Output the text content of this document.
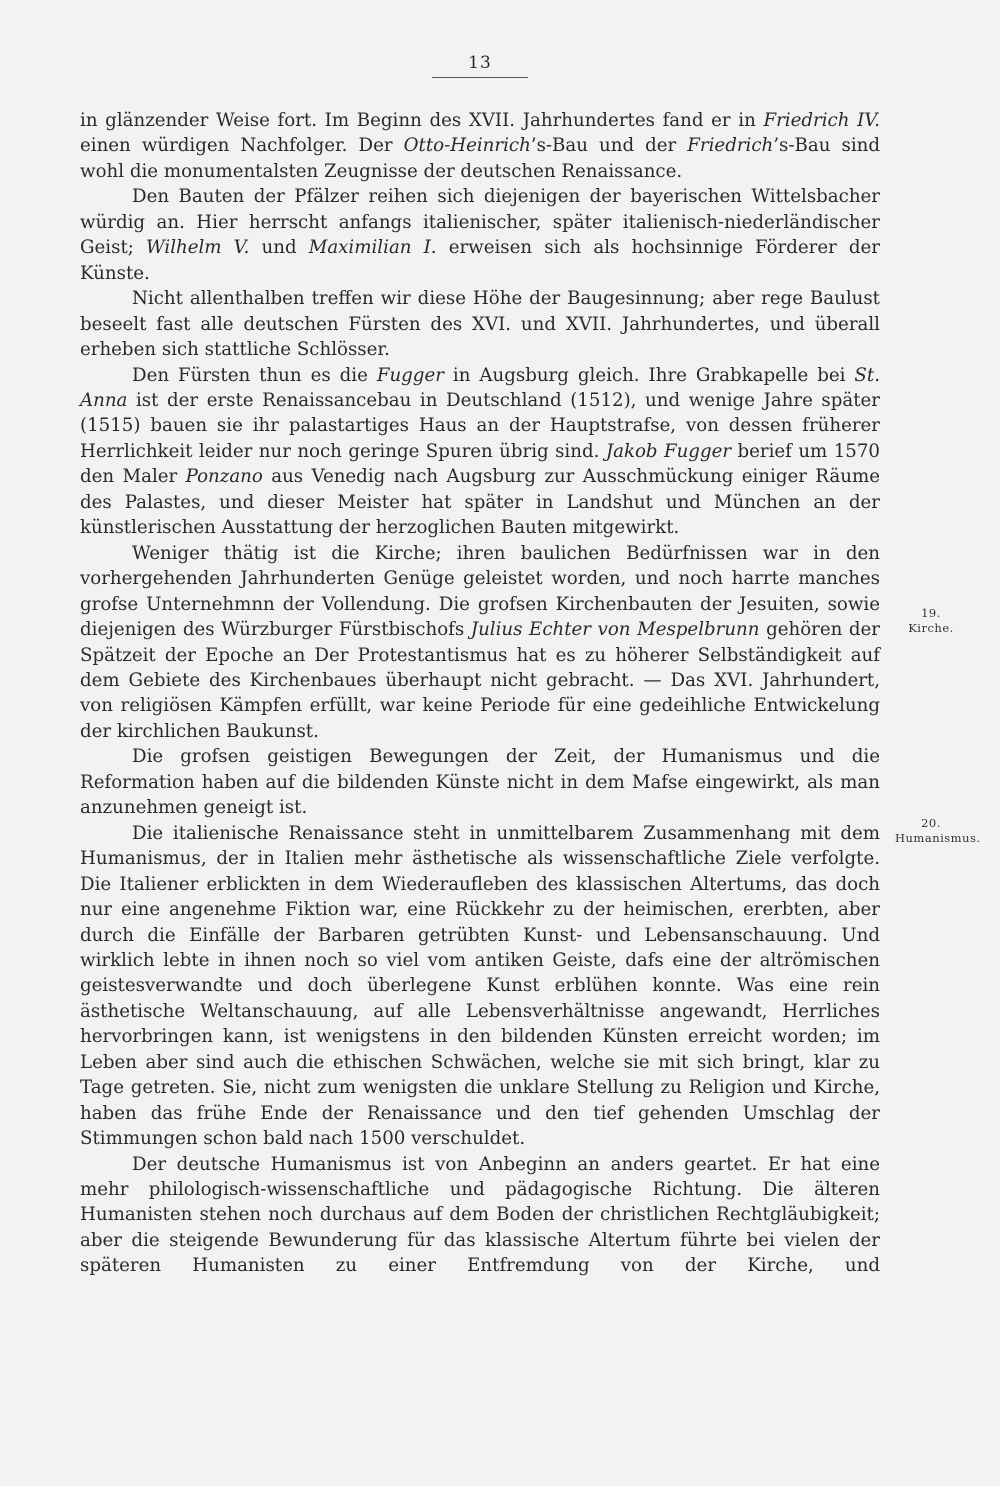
13

in glänzender Weise fort. Im Beginn des XVII. Jahrhundertes fand er in Friedrich IV. einen würdigen Nachfolger. Der Otto-Heinrich’s-Bau und der Friedrich’s-Bau sind wohl die monumentalsten Zeugnisse der deutschen Renaissance.

Den Bauten der Pfälzer reihen sich diejenigen der bayerischen Wittelsbacher würdig an. Hier herrscht anfangs italienischer, später italienisch-niederländischer Geist; Wilhelm V. und Maximilian I. erweisen sich als hochsinnige Förderer der Künste.

Nicht allenthalben treffen wir diese Höhe der Baugesinnung; aber rege Baulust beseelt fast alle deutschen Fürsten des XVI. und XVII. Jahrhundertes, und überall erheben sich stattliche Schlösser.

Den Fürsten thun es die Fugger in Augsburg gleich. Ihre Grabkapelle bei St. Anna ist der erste Renaissancebau in Deutschland (1512), und wenige Jahre später (1515) bauen sie ihr palastartiges Haus an der Hauptstrafse, von dessen früherer Herrlichkeit leider nur noch geringe Spuren übrig sind. Jakob Fugger berief um 1570 den Maler Ponzano aus Venedig nach Augsburg zur Ausschmückung einiger Räume des Palastes, und dieser Meister hat später in Landshut und München an der künstlerischen Ausstattung der herzoglichen Bauten mitgewirkt.

Weniger thätig ist die Kirche; ihren baulichen Bedürfnissen war in den vorhergehenden Jahrhunderten Genüge geleistet worden, und noch harrte manches grofse Unternehmnn der Vollendung. Die grofsen Kirchenbauten der Jesuiten, sowie diejenigen des Würzburger Fürstbischofs Julius Echter von Mespelbrunn gehören der Spätzeit der Epoche an Der Protestantismus hat es zu höherer Selbständigkeit auf dem Gebiete des Kirchenbaues überhaupt nicht gebracht. — Das XVI. Jahrhundert, von religiösen Kämpfen erfüllt, war keine Periode für eine gedeihliche Entwickelung der kirchlichen Baukunst.

Die grofsen geistigen Bewegungen der Zeit, der Humanismus und die Reformation haben auf die bildenden Künste nicht in dem Mafse eingewirkt, als man anzunehmen geneigt ist.

Die italienische Renaissance steht in unmittelbarem Zusammenhang mit dem Humanismus, der in Italien mehr ästhetische als wissenschaftliche Ziele verfolgte. Die Italiener erblickten in dem Wiederaufleben des klassischen Altertums, das doch nur eine angenehme Fiktion war, eine Rückkehr zu der heimischen, ererbten, aber durch die Einfälle der Barbaren getrübten Kunst- und Lebensanschauung. Und wirklich lebte in ihnen noch so viel vom antiken Geiste, dafs eine der altrömischen geistesverwandte und doch überlegene Kunst erblühen konnte. Was eine rein ästhetische Weltanschauung, auf alle Lebensverhältnisse angewandt, Herrliches hervorbringen kann, ist wenigstens in den bildenden Künsten erreicht worden; im Leben aber sind auch die ethischen Schwächen, welche sie mit sich bringt, klar zu Tage getreten. Sie, nicht zum wenigsten die unklare Stellung zu Religion und Kirche, haben das frühe Ende der Renaissance und den tief gehenden Umschlag der Stimmungen schon bald nach 1500 verschuldet.

Der deutsche Humanismus ist von Anbeginn an anders geartet. Er hat eine mehr philologisch-wissenschaftliche und pädagogische Richtung. Die älteren Humanisten stehen noch durchaus auf dem Boden der christlichen Rechtgläubigkeit; aber die steigende Bewunderung für das klassische Altertum führte bei vielen der späteren Humanisten zu einer Entfremdung von der Kirche, und

19.
Kirche.
20.
Humanismus.
